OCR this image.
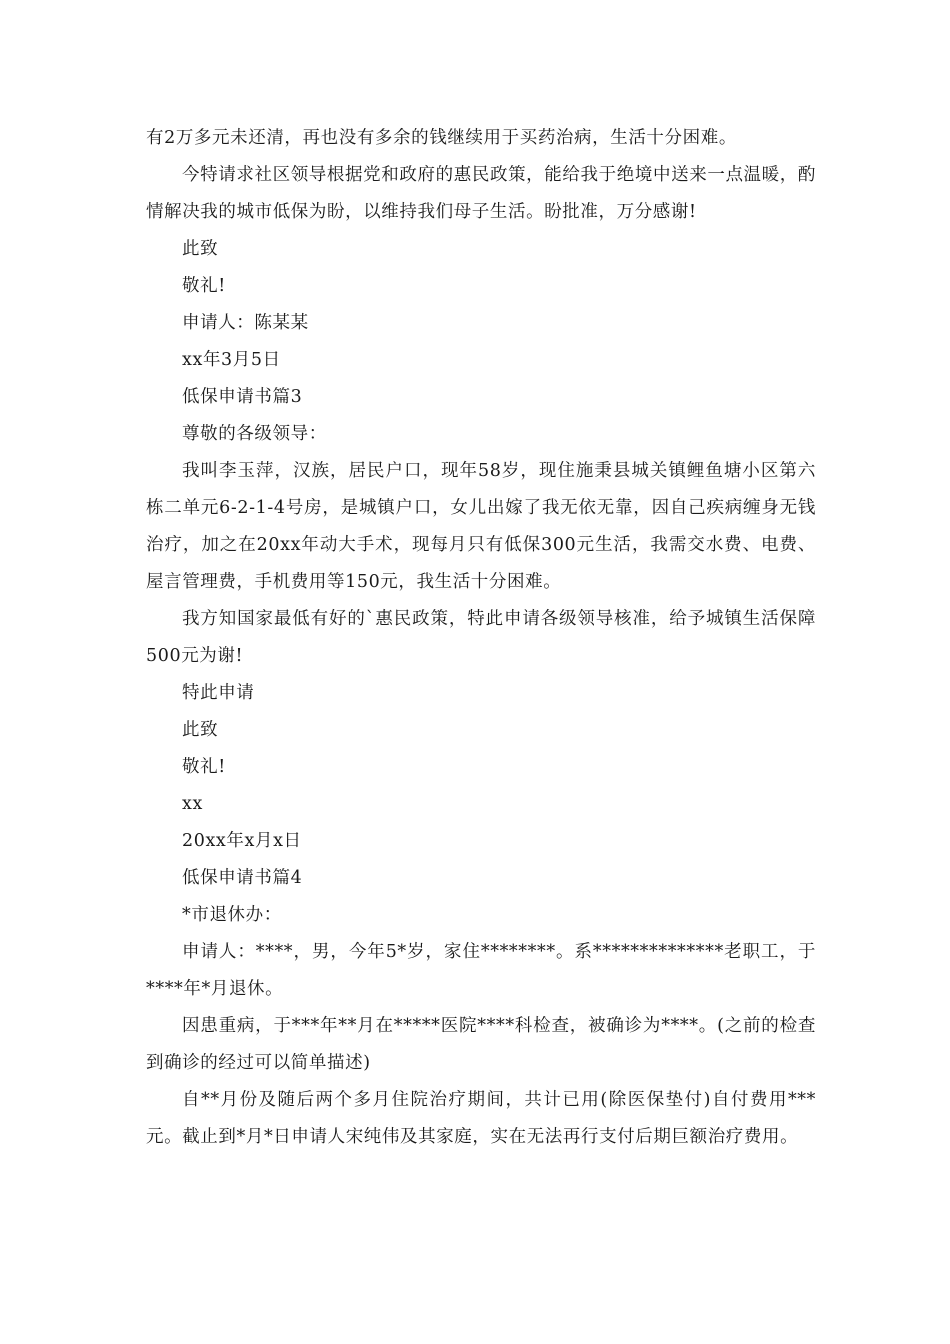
有2万多元未还清，再也没有多余的钱继续用于买药治病，生活十分困难。

今特请求社区领导根据党和政府的惠民政策，能给我于绝境中送来一点温暖，酌情解决我的城市低保为盼，以维持我们母子生活。盼批准，万分感谢!

此致

敬礼!

申请人：陈某某

xx年3月5日

低保申请书篇3

尊敬的各级领导：

我叫李玉萍，汉族，居民户口，现年58岁，现住施秉县城关镇鲤鱼塘小区第六栋二单元6-2-1-4号房，是城镇户口，女儿出嫁了我无依无靠，因自己疾病缠身无钱治疗，加之在20xx年动大手术，现每月只有低保300元生活，我需交水费、电费、屋言管理费，手机费用等150元，我生活十分困难。

我方知国家最低有好的`惠民政策，特此申请各级领导核准，给予城镇生活保障500元为谢!

特此申请

此致

敬礼!

xx

20xx年x月x日

低保申请书篇4

*市退休办：

申请人：****，男，今年5*岁，家住********。系**************老职工，于****年*月退休。

因患重病，于***年**月在*****医院****科检查，被确诊为****。(之前的检查到确诊的经过可以简单描述)

自**月份及随后两个多月住院治疗期间，共计已用(除医保垫付)自付费用***元。截止到*月*日申请人宋纯伟及其家庭，实在无法再行支付后期巨额治疗费用。
